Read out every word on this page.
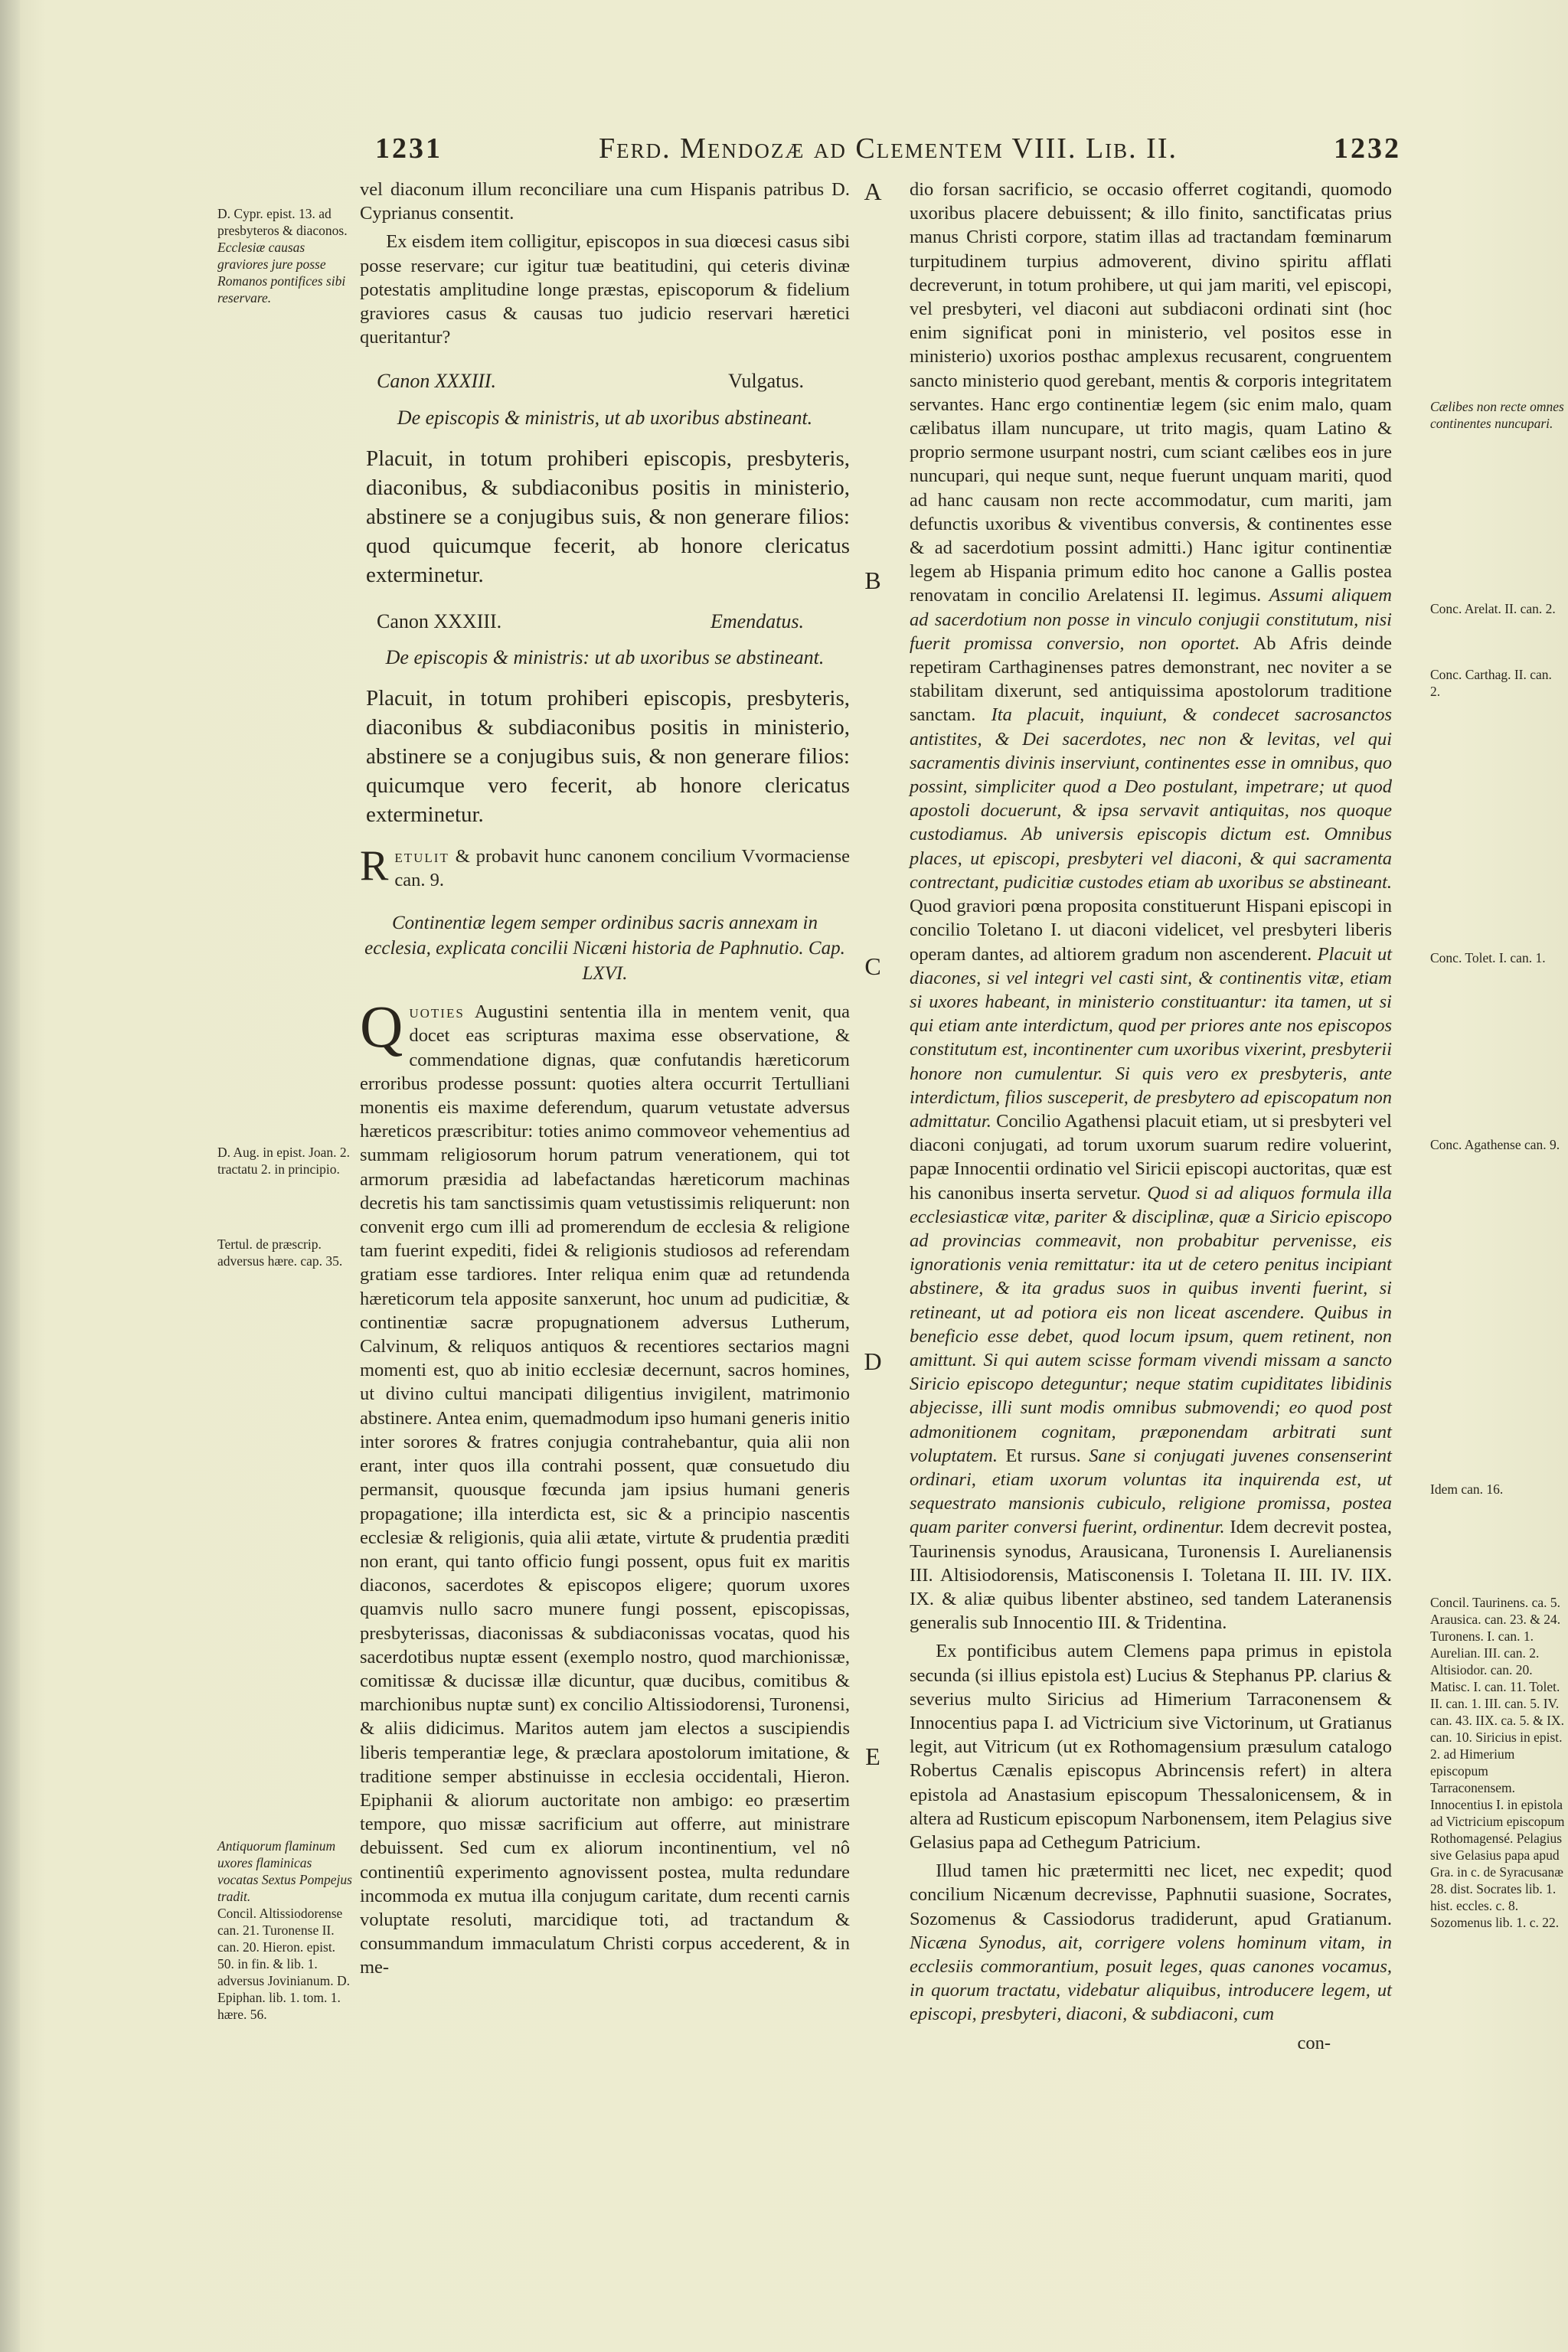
1231	Ferd. Mendozæ ad Clementem VIII. Lib. II.	1232
D. Cypr. epist. 13. ad presbyteros & diaconos.
Ecclesiæ causas graviores jure posse Romanos pontifices sibi reservare.
D. Aug. in epist. Joan. 2. tractatu 2. in principio.
Tertul. de præscrip. adversus hære. cap. 35.
Antiquorum flaminum uxores flaminicas vocatas Sextus Pompejus tradit.
Concil. Altissiodorense can. 21. Turonense II. can. 20. Hieron. epist. 50. in fin. & lib. 1. adversus Jovinianum. D. Epiphan. lib. 1. tom. 1. hære. 56.
A
B
C
D
E

vel diaconum illum reconciliare una cum Hispanis patribus D. Cyprianus consentit.

Ex eisdem item colligitur, episcopos in sua diœcesi casus sibi posse reservare; cur igitur tuæ beatitudini, qui ceteris divinæ potestatis amplitudine longe præstas, episcoporum & fidelium graviores casus & causas tuo judicio reservari hæretici queritantur?

Canon XXXIII.	Vulgatus.
De episcopis & ministris, ut ab uxoribus abstineant.

Placuit, in totum prohiberi episcopis, presbyteris, diaconibus, & subdiaconibus positis in ministerio, abstinere se a conjugibus suis, & non generare filios: quod quicumque fecerit, ab honore clericatus exterminetur.

Canon XXXIII.	Emendatus.
De episcopis & ministris: ut ab uxoribus se abstineant.

Placuit, in totum prohiberi episcopis, presbyteris, diaconibus & subdiaconibus positis in ministerio, abstinere se a conjugibus suis, & non generare filios: quicumque vero fecerit, ab honore clericatus exterminetur.

Retulit & probavit hunc canonem concilium Vvormaciense can. 9.

Continentiæ legem semper ordinibus sacris annexam in ecclesia, explicata concilii Nicæni historia de Paphnutio. Cap. LXVI.

Quoties Augustini sententia illa in mentem venit, qua docet eas scripturas maxima esse observatione, & commendatione dignas, quæ confutandis hæreticorum erroribus prodesse possunt: quoties altera occurrit Tertulliani monentis eis maxime deferendum, quarum vetustate adversus hæreticos præscribitur: toties animo commoveor vehementius ad summam religiosorum horum patrum venerationem, qui tot armorum præsidia ad labefactandas hæreticorum machinas decretis his tam sanctissimis quam vetustissimis reliquerunt: non convenit ergo cum illi ad promerendum de ecclesia & religione tam fuerint expediti, fidei & religionis studiosos ad referendam gratiam esse tardiores. Inter reliqua enim quæ ad retundenda hæreticorum tela apposite sanxerunt, hoc unum ad pudicitiæ, & continentiæ sacræ propugnationem adversus Lutherum, Calvinum, & reliquos antiquos & recentiores sectarios magni momenti est, quo ab initio ecclesiæ decernunt, sacros homines, ut divino cultui mancipati diligentius invigilent, matrimonio abstinere. Antea enim, quemadmodum ipso humani generis initio inter sorores & fratres conjugia contrahebantur, quia alii non erant, inter quos illa contrahi possent, quæ consuetudo diu permansit, quousque fœcunda jam ipsius humani generis propagatione; illa interdicta est, sic & a principio nascentis ecclesiæ & religionis, quia alii ætate, virtute & prudentia præditi non erant, qui tanto officio fungi possent, opus fuit ex maritis diaconos, sacerdotes & episcopos eligere; quorum uxores quamvis nullo sacro munere fungi possent, episcopissas, presbyterissas, diaconissas & subdiaconissas vocatas, quod his sacerdotibus nuptæ essent (exemplo nostro, quod marchionissæ, comitissæ & ducissæ illæ dicuntur, quæ ducibus, comitibus & marchionibus nuptæ sunt) ex concilio Altissiodorensi, Turonensi, & aliis didicimus. Maritos autem jam electos a suscipiendis liberis temperantiæ lege, & præclara apostolorum imitatione, & traditione semper abstinuisse in ecclesia occidentali, Hieron. Epiphanii & aliorum auctoritate non ambigo: eo præsertim tempore, quo missæ sacrificium aut offerre, aut ministrare debuissent. Sed cum ex aliorum incontinentium, vel nô continentiû experimento agnovissent postea, multa redundare incommoda ex mutua illa conjugum caritate, dum recenti carnis voluptate resoluti, marcidique toti, ad tractandum & consummandum immaculatum Christi corpus accederent, & in me-

dio forsan sacrificio, se occasio offerret cogitandi, quomodo uxoribus placere debuissent; & illo finito, sanctificatas prius manus Christi corpore, statim illas ad tractandam fœminarum turpitudinem turpius admoverent, divino spiritu afflati decreverunt, in totum prohibere, ut qui jam mariti, vel episcopi, vel presbyteri, vel diaconi aut subdiaconi ordinati sint (hoc enim significat poni in ministerio, vel positos esse in ministerio) uxorios posthac amplexus recusarent, congruentem sancto ministerio quod gerebant, mentis & corporis integritatem servantes. Hanc ergo continentiæ legem (sic enim malo, quam cælibatus illam nuncupare, ut trito magis, quam Latino & proprio sermone usurpant nostri, cum sciant cælibes eos in jure nuncupari, qui neque sunt, neque fuerunt unquam mariti, quod ad hanc causam non recte accommodatur, cum mariti, jam defunctis uxoribus & viventibus conversis, & continentes esse & ad sacerdotium possint admitti.) Hanc igitur continentiæ legem ab Hispania primum edito hoc canone a Gallis postea renovatam in concilio Arelatensi II. legimus. Assumi aliquem ad sacerdotium non posse in vinculo conjugii constitutum, nisi fuerit promissa conversio, non oportet. Ab Afris deinde repetiram Carthaginenses patres demonstrant, nec noviter a se stabilitam dixerunt, sed antiquissima apostolorum traditione sanctam. Ita placuit, inquiunt, & condecet sacrosanctos antistites, & Dei sacerdotes, nec non & levitas, vel qui sacramentis divinis inserviunt, continentes esse in omnibus, quo possint, simpliciter quod a Deo postulant, impetrare; ut quod apostoli docuerunt, & ipsa servavit antiquitas, nos quoque custodiamus. Ab universis episcopis dictum est. Omnibus places, ut episcopi, presbyteri vel diaconi, & qui sacramenta contrectant, pudicitiæ custodes etiam ab uxoribus se abstineant. Quod graviori pœna proposita constituerunt Hispani episcopi in concilio Toletano I. ut diaconi videlicet, vel presbyteri liberis operam dantes, ad altiorem gradum non ascenderent. Placuit ut diacones, si vel integri vel casti sint, & continentis vitæ, etiam si uxores habeant, in ministerio constituantur: ita tamen, ut si qui etiam ante interdictum, quod per priores ante nos episcopos constitutum est, incontinenter cum uxoribus vixerint, presbyterii honore non cumulentur. Si quis vero ex presbyteris, ante interdictum, filios susceperit, de presbytero ad episcopatum non admittatur. Concilio Agathensi placuit etiam, ut si presbyteri vel diaconi conjugati, ad torum uxorum suarum redire voluerint, papæ Innocentii ordinatio vel Siricii episcopi auctoritas, quæ est his canonibus inserta servetur. Quod si ad aliquos formula illa ecclesiasticæ vitæ, pariter & disciplinæ, quæ a Siricio episcopo ad provincias commeavit, non probabitur pervenisse, eis ignorationis venia remittatur: ita ut de cetero penitus incipiant abstinere, & ita gradus suos in quibus inventi fuerint, si retineant, ut ad potiora eis non liceat ascendere. Quibus in beneficio esse debet, quod locum ipsum, quem retinent, non amittunt. Si qui autem scisse formam vivendi missam a sancto Siricio episcopo deteguntur; neque statim cupiditates libidinis abjecisse, illi sunt modis omnibus submovendi; eo quod post admonitionem cognitam, præponendam arbitrati sunt voluptatem. Et rursus. Sane si conjugati juvenes consenserint ordinari, etiam uxorum voluntas ita inquirenda est, ut sequestrato mansionis cubiculo, religione promissa, postea quam pariter conversi fuerint, ordinentur. Idem decrevit postea, Taurinensis synodus, Arausicana, Turonensis I. Aurelianensis III. Altisiodorensis, Matisconensis I. Toletana II. III. IV. IIX. IX. & aliæ quibus libenter abstineo, sed tandem Lateranensis generalis sub Innocentio III. & Tridentina.

Ex pontificibus autem Clemens papa primus in epistola secunda (si illius epistola est) Lucius & Stephanus PP. clarius & severius multo Siricius ad Himerium Tarraconensem & Innocentius papa I. ad Victricium sive Victorinum, ut Gratianus legit, aut Vitricum (ut ex Rothomagensium præsulum catalogo Robertus Cænalis episcopus Abrincensis refert) in altera epistola ad Anastasium episcopum Thessalonicensem, & in altera ad Rusticum episcopum Narbonensem, item Pelagius sive Gelasius papa ad Cethegum Patricium.

Illud tamen hic prætermitti nec licet, nec expedit; quod concilium Nicænum decrevisse, Paphnutii suasione, Socrates, Sozomenus & Cassiodorus tradiderunt, apud Gratianum. Nicæna Synodus, ait, corrigere volens hominum vitam, in ecclesiis commorantium, posuit leges, quas canones vocamus, in quorum tractatu, videbatur aliquibus, introducere legem, ut episcopi, presbyteri, diaconi, & subdiaconi, cum

con-
Cælibes non recte omnes continentes nuncupari.
Conc. Arelat. II. can. 2.
Conc. Carthag. II. can. 2.
Conc. Tolet. I. can. 1.
Conc. Agathense can. 9.
Idem can. 16.
Concil. Taurinens. ca. 5. Arausica. can. 23. & 24. Turonens. I. can. 1. Aurelian. III. can. 2. Altisiodor. can. 20. Matisc. I. can. 11. Tolet. II. can. 1. III. can. 5. IV. can. 43. IIX. ca. 5. & IX. can. 10. Siricius in epist. 2. ad Himerium episcopum Tarraconensem. Innocentius I. in epistola ad Victricium episcopum Rothomagensé. Pelagius sive Gelasius papa apud Gra. in c. de Syracusanæ 28. dist. Socrates lib. 1. hist. eccles. c. 8. Sozomenus lib. 1. c. 22.
